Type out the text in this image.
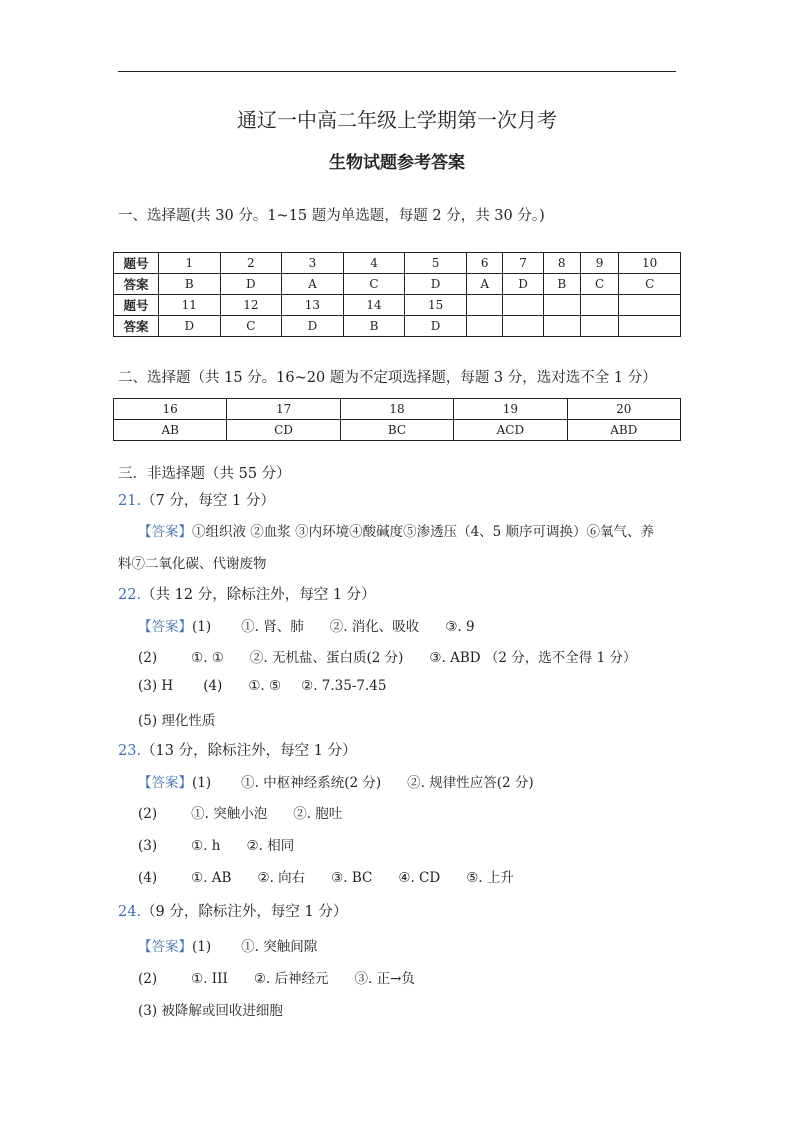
通辽一中高二年级上学期第一次月考
生物试题参考答案
一、选择题(共 30 分。1~15 题为单选题，每题 2 分，共 30 分。)
题号	1	2	3	4	5	6	7	8	9	10
答案	B	D	A	C	D	A	D	B	C	C
题号	11	12	13	14	15					
答案	D	C	D	B	D					
二、选择题（共 15 分。16~20 题为不定项选择题，每题 3 分，选对选不全 1 分）
16	17	18	19	20
AB	CD	BC	ACD	ABD
三．非选择题（共 55 分）
21.（7 分，每空 1 分）
【答案】①组织液 ②血浆 ③内环境④酸碱度⑤渗透压（4、5 顺序可调换）⑥氧气、养
料⑦二氧化碳、代谢废物
22.（共 12 分，除标注外，每空 1 分）
【答案】(1) ①. 肾、肺 ②. 消化、吸收 ③. 9
(2)	①. ① ②. 无机盐、蛋白质(2 分) ③. ABD （2 分，选不全得 1 分）
(3) H (4) ①. ⑤ ②. 7.35-7.45
(5) 理化性质
23.（13 分，除标注外，每空 1 分）
【答案】(1) ①. 中枢神经系统(2 分) ②. 规律性应答(2 分)
(2)	①. 突触小泡 ②. 胞吐
(3)	①. h ②. 相同
(4)	①. AB ②. 向右 ③. BC ④. CD ⑤. 上升
24.（9 分，除标注外，每空 1 分）
【答案】(1) ①. 突触间隙
(2)	①. III ②. 后神经元 ③. 正→负
(3) 被降解或回收进细胞
